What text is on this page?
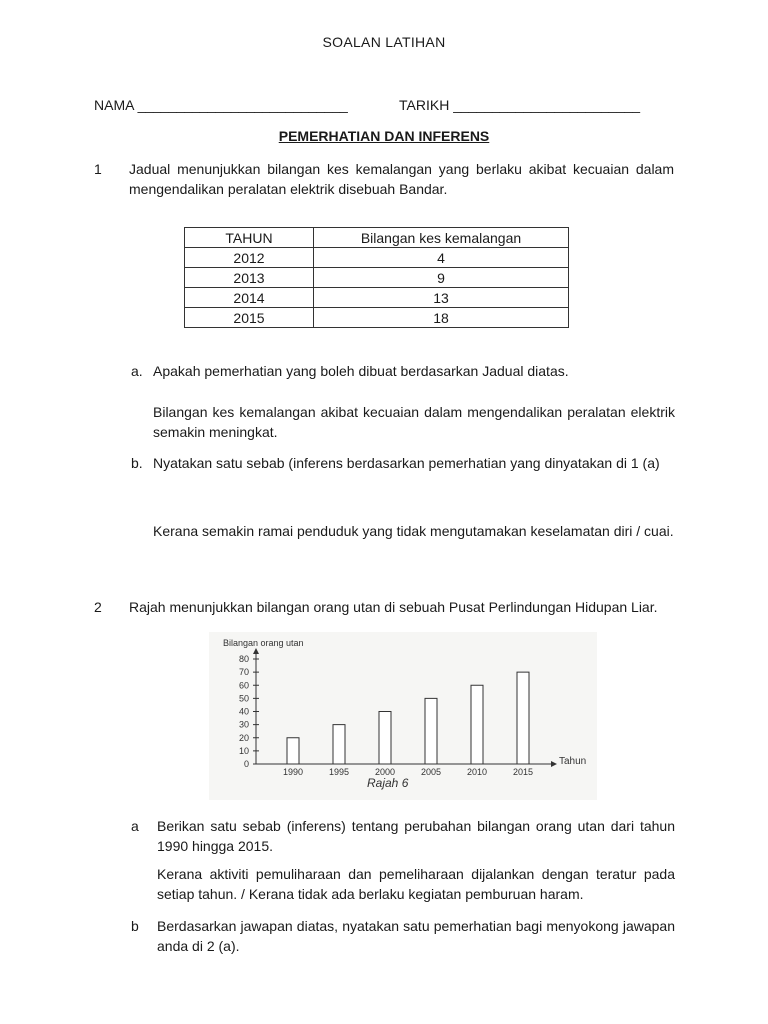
SOALAN LATIHAN
NAMA ___________________________	TARIKH ________________________
PEMERHATIAN DAN INFERENS
1 Jadual menunjukkan bilangan kes kemalangan yang berlaku akibat kecuaian dalam mengendalikan peralatan elektrik disebuah Bandar.
TAHUN	Bilangan kes kemalangan
2012	4
2013	9
2014	13
2015	18
a. Apakah pemerhatian yang boleh dibuat berdasarkan Jadual diatas.
Bilangan kes kemalangan akibat kecuaian dalam mengendalikan peralatan elektrik semakin meningkat.
b. Nyatakan satu sebab (inferens berdasarkan pemerhatian yang dinyatakan di 1 (a)
Kerana semakin ramai penduduk yang tidak mengutamakan keselamatan diri / cuai.
2 Rajah menunjukkan bilangan orang utan di sebuah Pusat Perlindungan Hidupan Liar.
Bilangan orang utan
Tahun
Rajah 6
0
10
20
30
40
50
60
70
80
1990	1995	2000	2005	2010	2015
a Berikan satu sebab (inferens) tentang perubahan bilangan orang utan dari tahun 1990 hingga 2015.
Kerana aktiviti pemuliharaan dan pemeliharaan dijalankan dengan teratur pada setiap tahun. / Kerana tidak ada berlaku kegiatan pemburuan haram.
b Berdasarkan jawapan diatas, nyatakan satu pemerhatian bagi menyokong jawapan anda di 2 (a).
